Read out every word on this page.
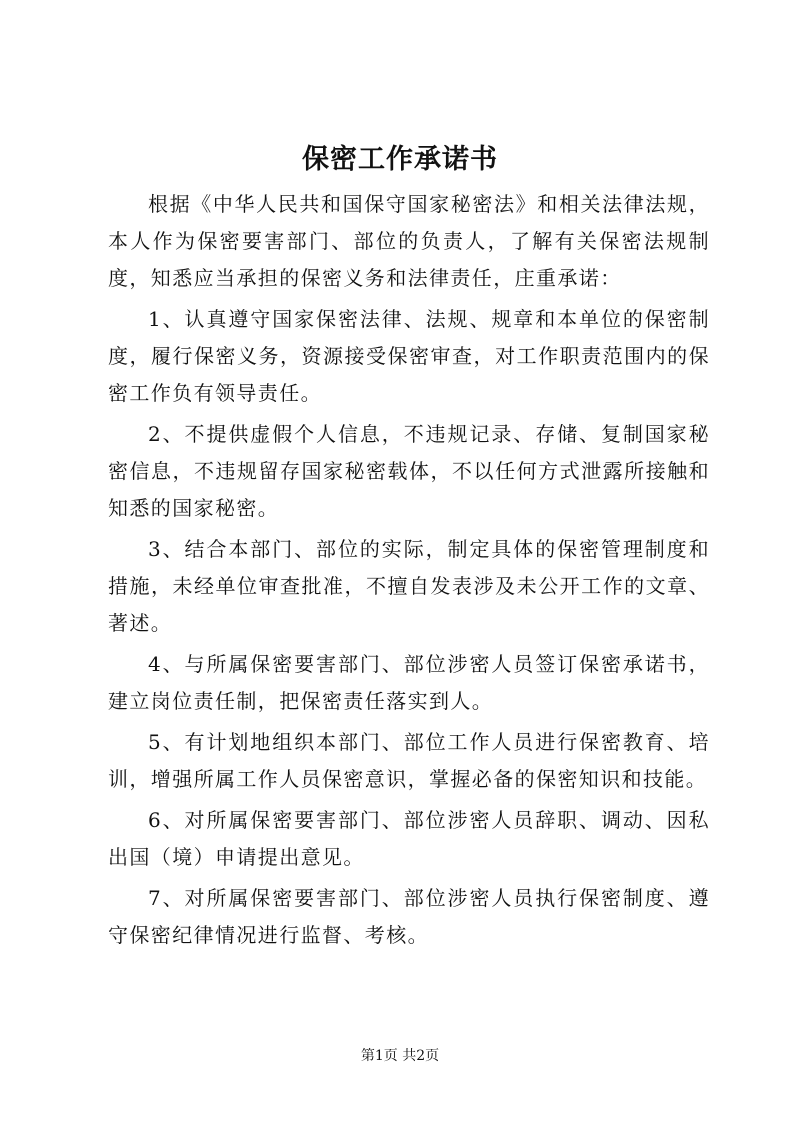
保密工作承诺书

根据《中华人民共和国保守国家秘密法》和相关法律法规，本人作为保密要害部门、部位的负责人，了解有关保密法规制度，知悉应当承担的保密义务和法律责任，庄重承诺：

1、认真遵守国家保密法律、法规、规章和本单位的保密制度，履行保密义务，资源接受保密审查，对工作职责范围内的保密工作负有领导责任。

2、不提供虚假个人信息，不违规记录、存储、复制国家秘密信息，不违规留存国家秘密载体，不以任何方式泄露所接触和知悉的国家秘密。

3、结合本部门、部位的实际，制定具体的保密管理制度和措施，未经单位审查批准，不擅自发表涉及未公开工作的文章、著述。

4、与所属保密要害部门、部位涉密人员签订保密承诺书，建立岗位责任制，把保密责任落实到人。

5、有计划地组织本部门、部位工作人员进行保密教育、培训，增强所属工作人员保密意识，掌握必备的保密知识和技能。

6、对所属保密要害部门、部位涉密人员辞职、调动、因私出国（境）申请提出意见。

7、对所属保密要害部门、部位涉密人员执行保密制度、遵守保密纪律情况进行监督、考核。

第1页 共2页
